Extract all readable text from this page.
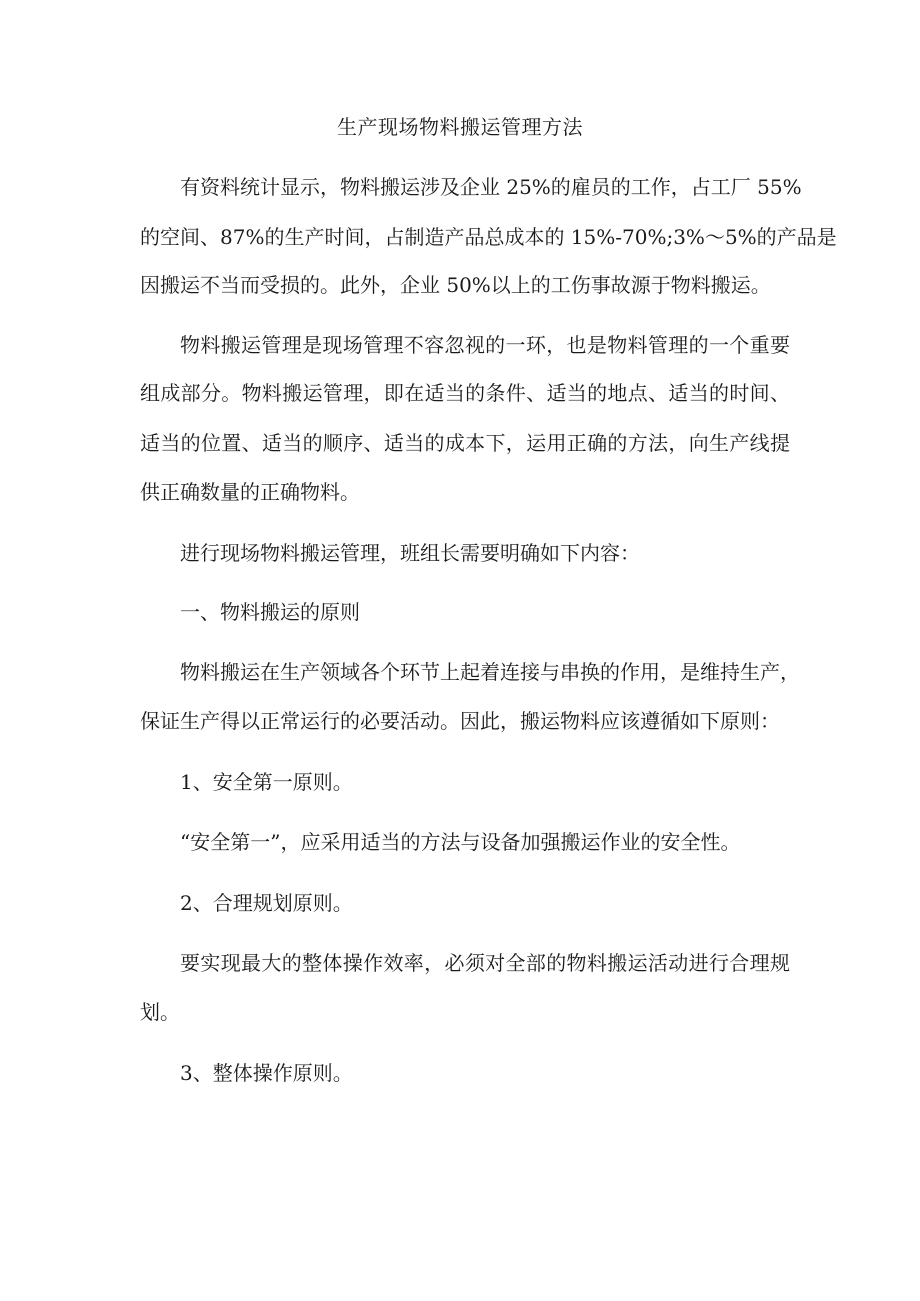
生产现场物料搬运管理方法
有资料统计显示，物料搬运涉及企业 25%的雇员的工作，占工厂 55%
的空间、87%的生产时间，占制造产品总成本的 15%-70%;3%～5%的产品是
因搬运不当而受损的。此外，企业 50%以上的工伤事故源于物料搬运。
物料搬运管理是现场管理不容忽视的一环，也是物料管理的一个重要
组成部分。物料搬运管理，即在适当的条件、适当的地点、适当的时间、
适当的位置、适当的顺序、适当的成本下，运用正确的方法，向生产线提
供正确数量的正确物料。
进行现场物料搬运管理，班组长需要明确如下内容：
一、物料搬运的原则
物料搬运在生产领域各个环节上起着连接与串换的作用，是维持生产，
保证生产得以正常运行的必要活动。因此，搬运物料应该遵循如下原则：
1、安全第一原则。
“安全第一”，应采用适当的方法与设备加强搬运作业的安全性。
2、合理规划原则。
要实现最大的整体操作效率，必须对全部的物料搬运活动进行合理规
划。
3、整体操作原则。
